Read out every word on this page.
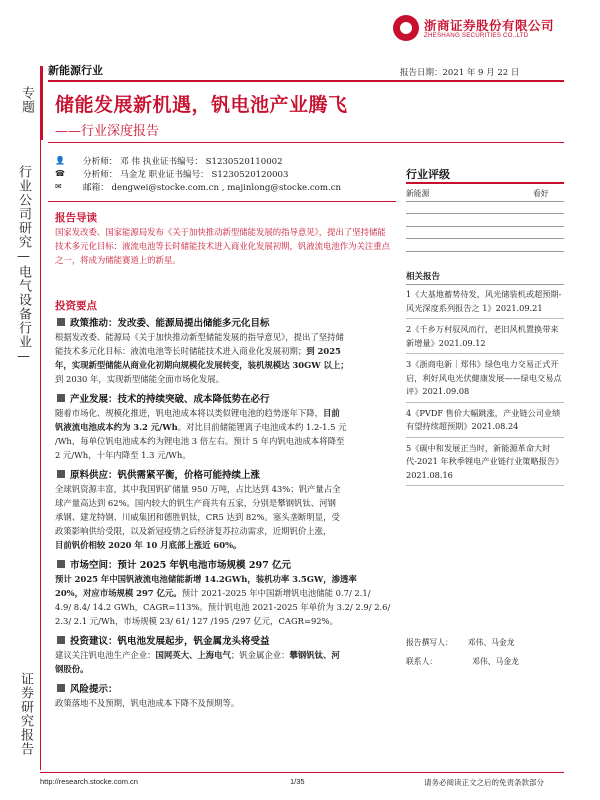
浙商证券股份有限公司
ZHESHANG SECURITIES CO.,LTD
新能源行业	报告日期：2021 年 9 月 22 日
专题
行业公司研究—电气设备行业—
证券研究报告
储能发展新机遇，钒电池产业腾飞
——行业深度报告
👤 分析师： 邓 伟 执业证书编号： S1230520110002
☎ 分析师： 马金龙 职业证书编号： S1230520120003
✉ 邮箱： dengwei@stocke.com.cn , majinlong@stocke.com.cn
报告导读
国家发改委、国家能源局发布《关于加快推动新型储能发展的指导意见》，提出了坚持储能技术多元化目标：液流电池等长时储能技术进入商业化发展初期，钒液流电池作为关注重点之一，将成为储能赛道上的新星。
投资要点
政策推动：发改委、能源局提出储能多元化目标
根据发改委、能源局《关于加快推动新型储能发展的指导意见》，提出了坚持储
能技术多元化目标：液流电池等长时储能技术进入商业化发展初期；到 2025
年，实现新型储能从商业化初期向规模化发展转变，装机规模达 30GW 以上；
到 2030 年，实现新型储能全面市场化发展。
产业发展：技术的持续突破、成本降低势在必行
随着市场化、规模化推进，钒电池成本将以类似锂电池的趋势逐年下降，目前
钒液流电池成本约为 3.2 元/Wh。对比目前储能锂离子电池成本约 1.2-1.5 元
/Wh，每单位钒电池成本约为锂电池 3 倍左右。预计 5 年内钒电池成本将降至
2 元/Wh，十年内降至 1.3 元/Wh。
原料供应：钒供需紧平衡，价格可能持续上涨
全球钒资源丰富，其中我国钒矿储量 950 万吨，占比达到 43%；钒产量占全
球产量高达到 62%。国内较大的钒生产商共有五家，分别是攀钢钒钛、河钢
承钢、建龙特钢、川威集团和德胜钒钛，CR5 达到 82%。塞头垄断明显，受
政策影响供给受限，以及新冠疫情之后经济复苏拉动需求，近期钒价上涨，
目前钒价相较 2020 年 10 月底部上涨近 60%。
市场空间：预计 2025 年钒电池市场规模 297 亿元
预计 2025 年中国钒液流电池储能新增 14.2GWh，装机功率 3.5GW，渗透率
20%，对应市场规模 297 亿元。预计 2021-2025 年中国新增钒电池储能 0.7/ 2.1/
4.9/ 8.4/ 14.2 GWh，CAGR=113%。预计钒电池 2021-2025 年单价为 3.2/ 2.9/ 2.6/
2.3/ 2.1 元/Wh，市场规模 23/ 61/ 127 /195 /297 亿元，CAGR=92%。
投资建议：钒电池发展起步，钒金属龙头将受益
建议关注钒电池生产企业：国网英大、上海电气；钒金属企业：攀钢钒钛、河
钢股份。
风险提示：
政策落地不及预期，钒电池成本下降不及预期等。
行业评级
新能源	看好
相关报告
1《大基地蓄势待发，风光储装机或超预期-风光深度系列报告之 1》2021.09.21
2《千乡万村驭风而行，老旧风机置换带来新增量》2021.09.12
3《浙商电新｜郑伟》绿色电力交易正式开启，利好风电光伏健康发展——绿电交易点评》2021.09.08
4《PVDF 售价大幅跳涨，产业链公司业绩有望持续超预期》2021.08.24
5《碳中和发展正当时，新能源革命大时代-2021 年秋季锂电产业链行业策略报告》2021.08.16
报告撰写人： 邓伟、马金龙
联系人：	邓伟、马金龙
http://research.stocke.com.cn	1/35	请务必阅读正文之后的免责条款部分
